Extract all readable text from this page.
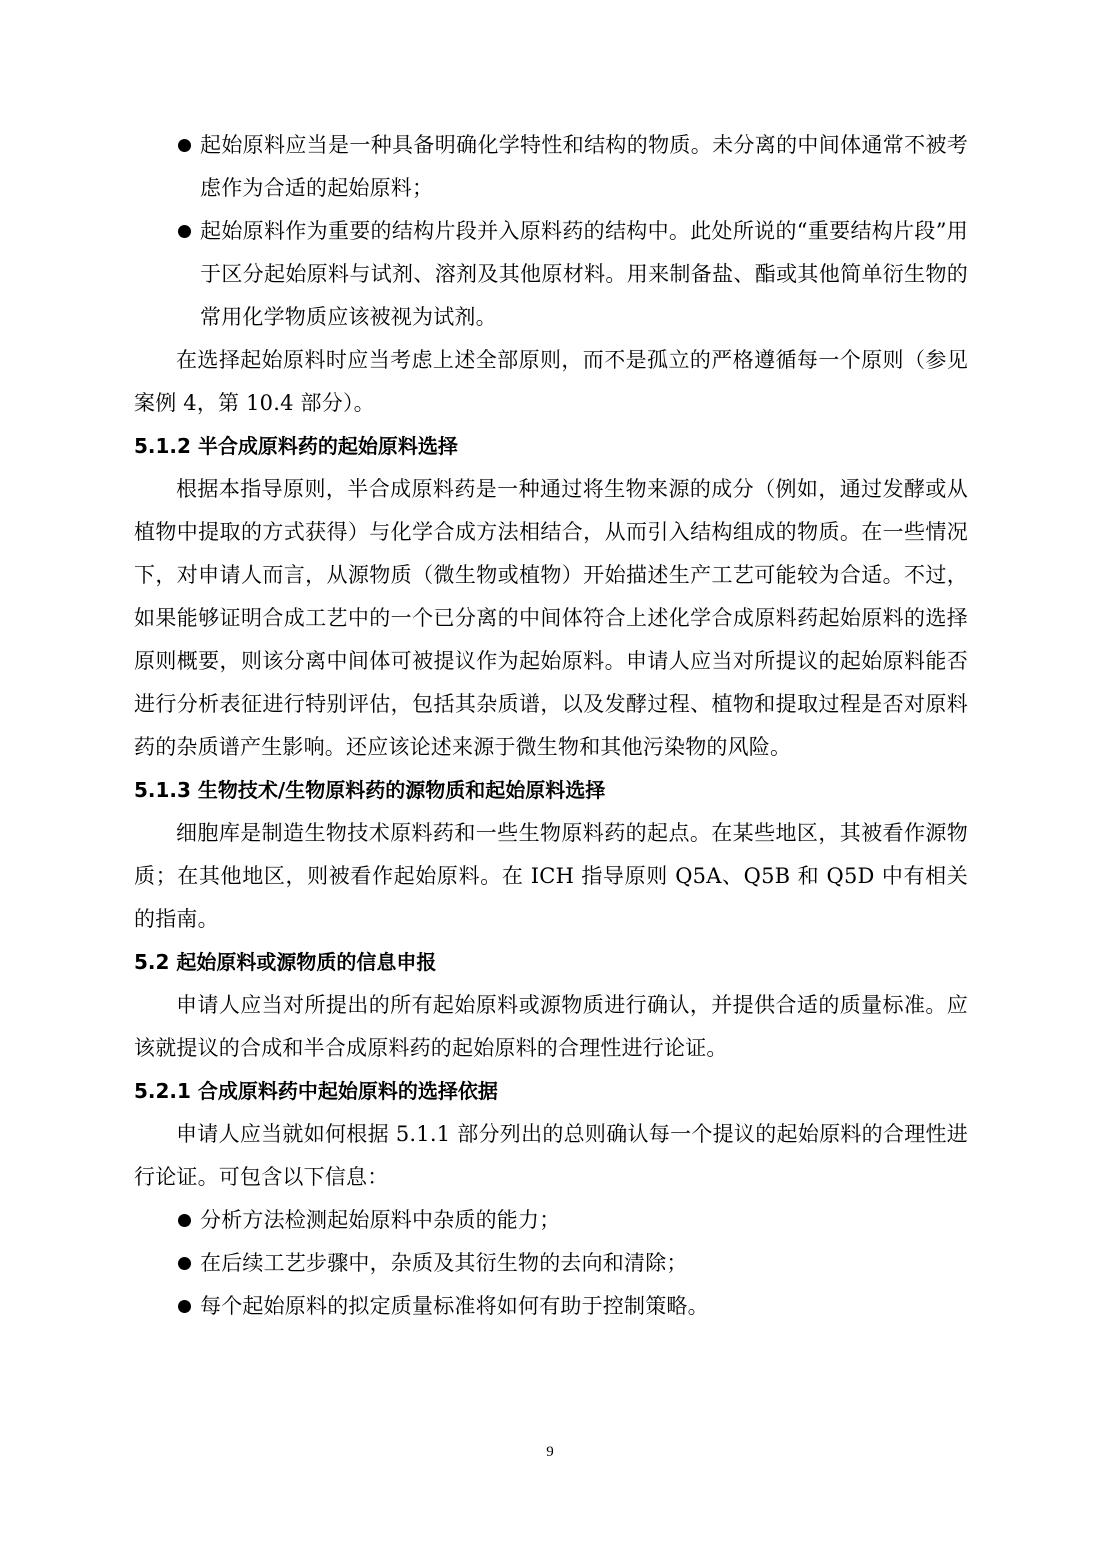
起始原料应当是一种具备明确化学特性和结构的物质。未分离的中间体通常不被考虑作为合适的起始原料；

起始原料作为重要的结构片段并入原料药的结构中。此处所说的“重要结构片段”用于区分起始原料与试剂、溶剂及其他原材料。用来制备盐、酯或其他简单衍生物的常用化学物质应该被视为试剂。

在选择起始原料时应当考虑上述全部原则，而不是孤立的严格遵循每一个原则（参见案例 4，第 10.4 部分）。

5.1.2 半合成原料药的起始原料选择

根据本指导原则，半合成原料药是一种通过将生物来源的成分（例如，通过发酵或从植物中提取的方式获得）与化学合成方法相结合，从而引入结构组成的物质。在一些情况下，对申请人而言，从源物质（微生物或植物）开始描述生产工艺可能较为合适。不过，如果能够证明合成工艺中的一个已分离的中间体符合上述化学合成原料药起始原料的选择原则概要，则该分离中间体可被提议作为起始原料。申请人应当对所提议的起始原料能否进行分析表征进行特别评估，包括其杂质谱，以及发酵过程、植物和提取过程是否对原料药的杂质谱产生影响。还应该论述来源于微生物和其他污染物的风险。

5.1.3 生物技术/生物原料药的源物质和起始原料选择

细胞库是制造生物技术原料药和一些生物原料药的起点。在某些地区，其被看作源物质；在其他地区，则被看作起始原料。在 ICH 指导原则 Q5A、Q5B 和 Q5D 中有相关的指南。

5.2 起始原料或源物质的信息申报

申请人应当对所提出的所有起始原料或源物质进行确认，并提供合适的质量标准。应该就提议的合成和半合成原料药的起始原料的合理性进行论证。

5.2.1 合成原料药中起始原料的选择依据

申请人应当就如何根据 5.1.1 部分列出的总则确认每一个提议的起始原料的合理性进行论证。可包含以下信息：

分析方法检测起始原料中杂质的能力；

在后续工艺步骤中，杂质及其衍生物的去向和清除；

每个起始原料的拟定质量标准将如何有助于控制策略。

9
